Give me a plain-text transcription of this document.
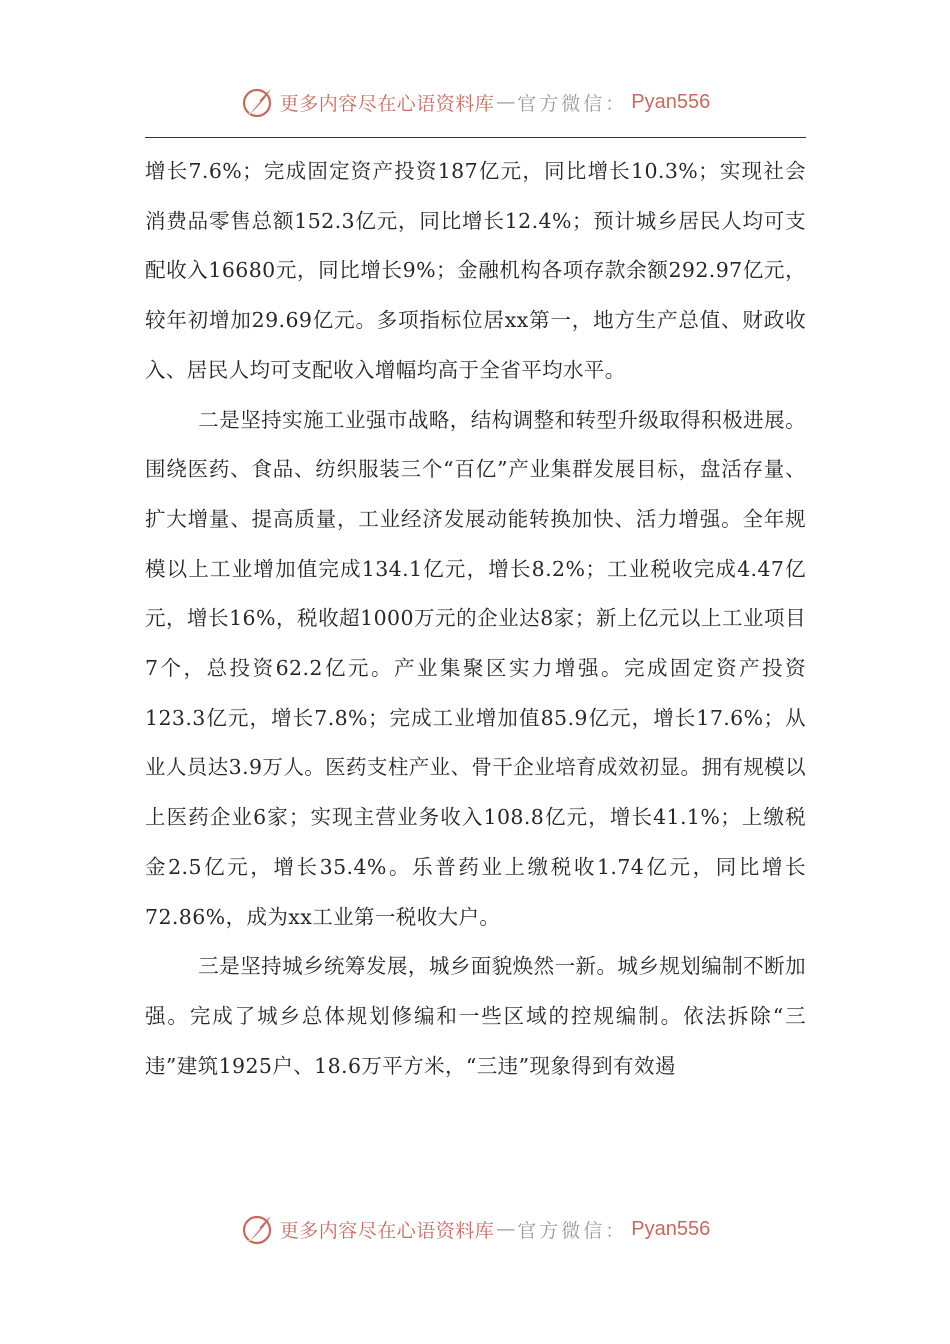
更多内容尽在心语资料库 — 官方微信： Pyan556

增长7.6%；完成固定资产投资187亿元，同比增长10.3%；实现社会消费品零售总额152.3亿元，同比增长12.4%；预计城乡居民人均可支配收入16680元，同比增长9%；金融机构各项存款余额292.97亿元，较年初增加29.69亿元。多项指标位居xx第一，地方生产总值、财政收入、居民人均可支配收入增幅均高于全省平均水平。

二是坚持实施工业强市战略，结构调整和转型升级取得积极进展。围绕医药、食品、纺织服装三个“百亿”产业集群发展目标，盘活存量、扩大增量、提高质量，工业经济发展动能转换加快、活力增强。全年规模以上工业增加值完成134.1亿元，增长8.2%；工业税收完成4.47亿元，增长16%，税收超1000万元的企业达8家；新上亿元以上工业项目7个，总投资62.2亿元。产业集聚区实力增强。完成固定资产投资123.3亿元，增长7.8%；完成工业增加值85.9亿元，增长17.6%；从业人员达3.9万人。医药支柱产业、骨干企业培育成效初显。拥有规模以上医药企业6家；实现主营业务收入108.8亿元，增长41.1%；上缴税金2.5亿元，增长35.4%。乐普药业上缴税收1.74亿元，同比增长72.86%，成为xx工业第一税收大户。

三是坚持城乡统筹发展，城乡面貌焕然一新。城乡规划编制不断加强。完成了城乡总体规划修编和一些区域的控规编制。依法拆除“三违”建筑1925户、18.6万平方米，“三违”现象得到有效遏

更多内容尽在心语资料库 — 官方微信： Pyan556
